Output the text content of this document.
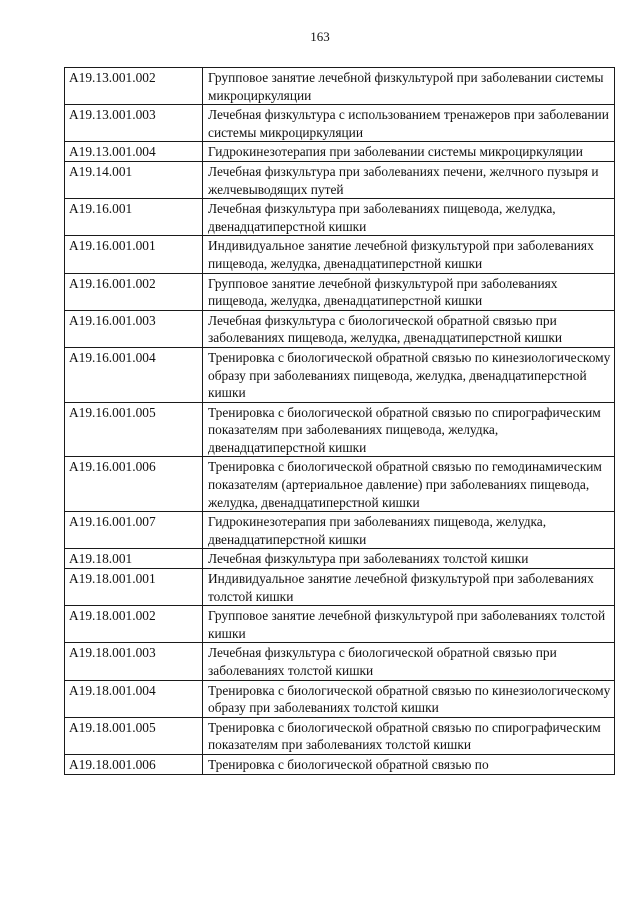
163
A19.13.001.002	Групповое занятие лечебной физкультурой при заболевании системы микроциркуляции
A19.13.001.003	Лечебная физкультура с использованием тренажеров при заболевании системы микроциркуляции
A19.13.001.004	Гидрокинезотерапия при заболевании системы микроциркуляции
A19.14.001	Лечебная физкультура при заболеваниях печени, желчного пузыря и желчевыводящих путей
A19.16.001	Лечебная физкультура при заболеваниях пищевода, желудка, двенадцатиперстной кишки
A19.16.001.001	Индивидуальное занятие лечебной физкультурой при заболеваниях пищевода, желудка, двенадцатиперстной кишки
A19.16.001.002	Групповое занятие лечебной физкультурой при заболеваниях пищевода, желудка, двенадцатиперстной кишки
A19.16.001.003	Лечебная физкультура с биологической обратной связью при заболеваниях пищевода, желудка, двенадцатиперстной кишки
A19.16.001.004	Тренировка с биологической обратной связью по кинезиологическому образу при заболеваниях пищевода, желудка, двенадцатиперстной кишки
A19.16.001.005	Тренировка с биологической обратной связью по спирографическим показателям при заболеваниях пищевода, желудка, двенадцатиперстной кишки
A19.16.001.006	Тренировка с биологической обратной связью по гемодинамическим показателям (артериальное давление) при заболеваниях пищевода, желудка, двенадцатиперстной кишки
A19.16.001.007	Гидрокинезотерапия при заболеваниях пищевода, желудка, двенадцатиперстной кишки
A19.18.001	Лечебная физкультура при заболеваниях толстой кишки
A19.18.001.001	Индивидуальное занятие лечебной физкультурой при заболеваниях толстой кишки
A19.18.001.002	Групповое занятие лечебной физкультурой при заболеваниях толстой кишки
A19.18.001.003	Лечебная физкультура с биологической обратной связью при заболеваниях толстой кишки
A19.18.001.004	Тренировка с биологической обратной связью по кинезиологическому образу при заболеваниях толстой кишки
A19.18.001.005	Тренировка с биологической обратной связью по спирографическим показателям при заболеваниях толстой кишки
A19.18.001.006	Тренировка с биологической обратной связью по
